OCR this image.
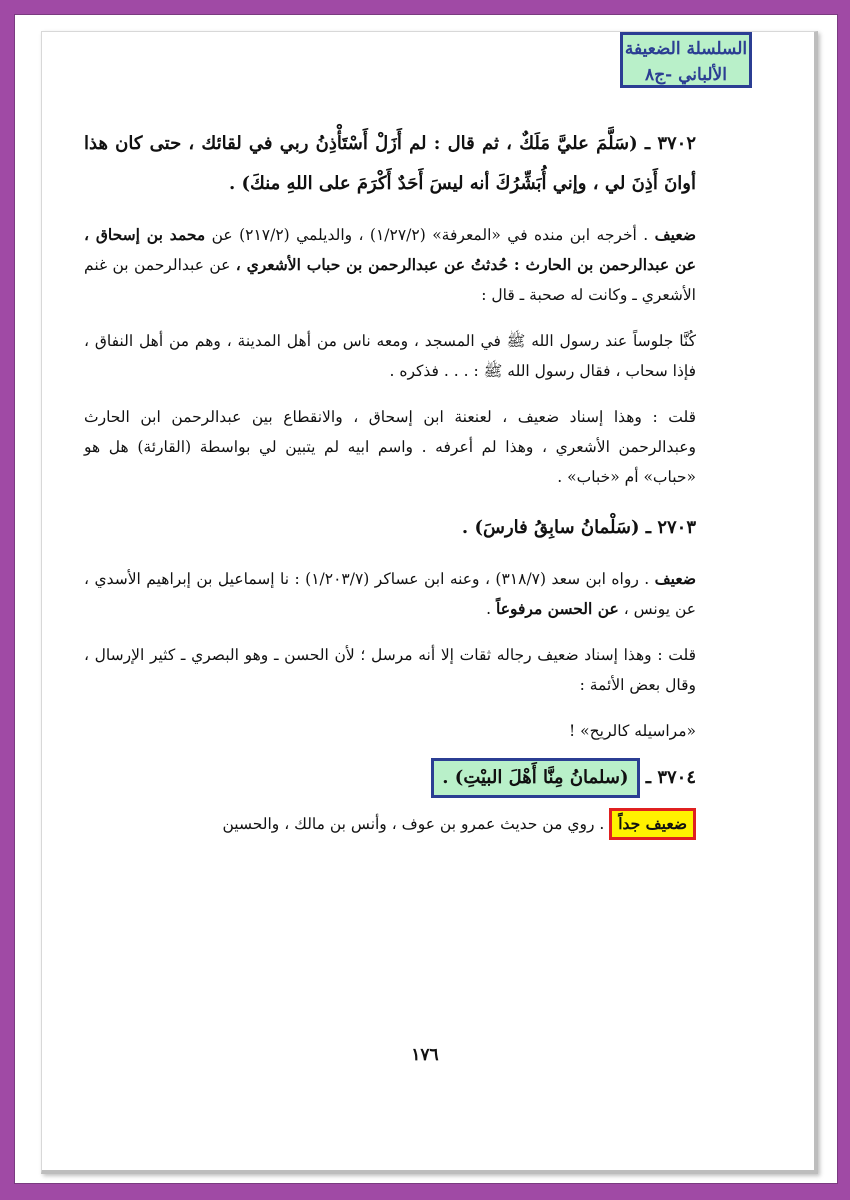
السلسلة الضعيفة
الألباني -ج٨

٣٧٠٢ ـ (سَلَّمَ عليَّ مَلَكٌ ، ثم قال : لم أَزَلْ أَسْتَأْذِنُ ربي في لقائك ، حتى كان هذا أوانَ أَذِنَ لي ، وإني أُبَشِّرُكَ أنه ليسَ أَحَدٌ أَكْرَمَ على اللهِ منكَ) .

ضعيف . أخرجه ابن منده في «المعرفة» (١/٢٧/٢) ، والديلمي (٢١٧/٢) عن محمد بن إسحاق ، عن عبدالرحمن بن الحارث : حُدثتُ عن عبدالرحمن بن حباب الأشعري ، عن عبدالرحمن بن غنم الأشعري ـ وكانت له صحبة ـ قال :

كُنَّا جلوساً عند رسول الله ﷺ في المسجد ، ومعه ناس من أهل المدينة ، وهم من أهل النفاق ، فإذا سحاب ، فقال رسول الله ﷺ : . . . فذكره .

قلت : وهذا إسناد ضعيف ، لعنعنة ابن إسحاق ، والانقطاع بين عبدالرحمن ابن الحارث وعبدالرحمن الأشعري ، وهذا لم أعرفه . واسم ابيه لم يتبين لي بواسطة (القارئة) هل هو «حباب» أم «خباب» .

٢٧٠٣ ـ (سَلْمانُ سابِقُ فارسَ) .

ضعيف . رواه ابن سعد (٣١٨/٧) ، وعنه ابن عساكر (١/٢٠٣/٧) : نا إسماعيل بن إبراهيم الأسدي ، عن يونس ، عن الحسن مرفوعاً .

قلت : وهذا إسناد ضعيف رجاله ثقات إلا أنه مرسل ؛ لأن الحسن ـ وهو البصري ـ كثير الإرسال ، وقال بعض الأئمة :

«مراسيله كالريح» !

٣٧٠٤ ـ (سلمانُ مِنَّا أَهْلَ البيْتِ) .

ضعيف جداً . روي من حديث عمرو بن عوف ، وأنس بن مالك ، والحسين

١٧٦
